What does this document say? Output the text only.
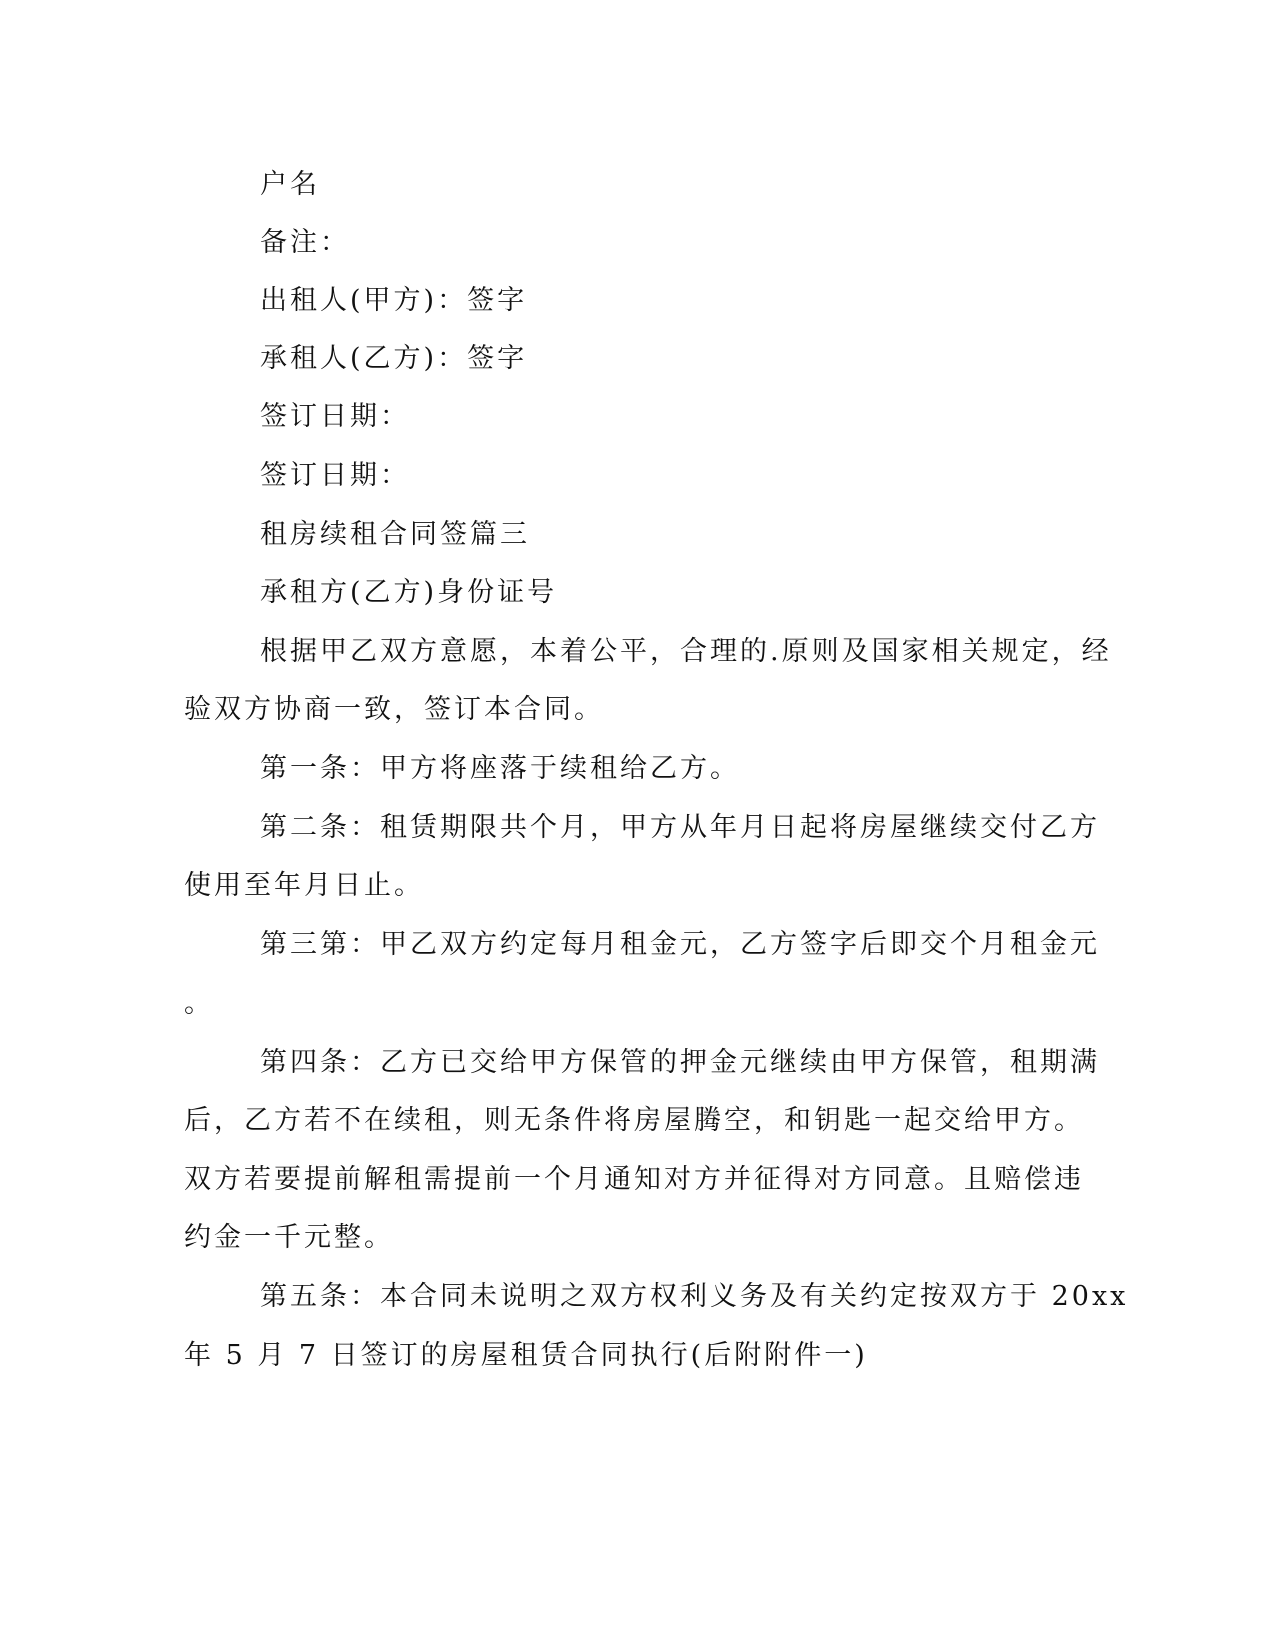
户名
备注：
出租人(甲方)：签字
承租人(乙方)：签字
签订日期：
签订日期：
租房续租合同签篇三
承租方(乙方)身份证号
根据甲乙双方意愿，本着公平，合理的.原则及国家相关规定，经
验双方协商一致，签订本合同。
第一条：甲方将座落于续租给乙方。
第二条：租赁期限共个月，甲方从年月日起将房屋继续交付乙方
使用至年月日止。
第三第：甲乙双方约定每月租金元，乙方签字后即交个月租金元
。
第四条：乙方已交给甲方保管的押金元继续由甲方保管，租期满
后，乙方若不在续租，则无条件将房屋腾空，和钥匙一起交给甲方。
双方若要提前解租需提前一个月通知对方并征得对方同意。且赔偿违
约金一千元整。
第五条：本合同未说明之双方权利义务及有关约定按双方于 20xx
年 5 月 7 日签订的房屋租赁合同执行(后附附件一)
